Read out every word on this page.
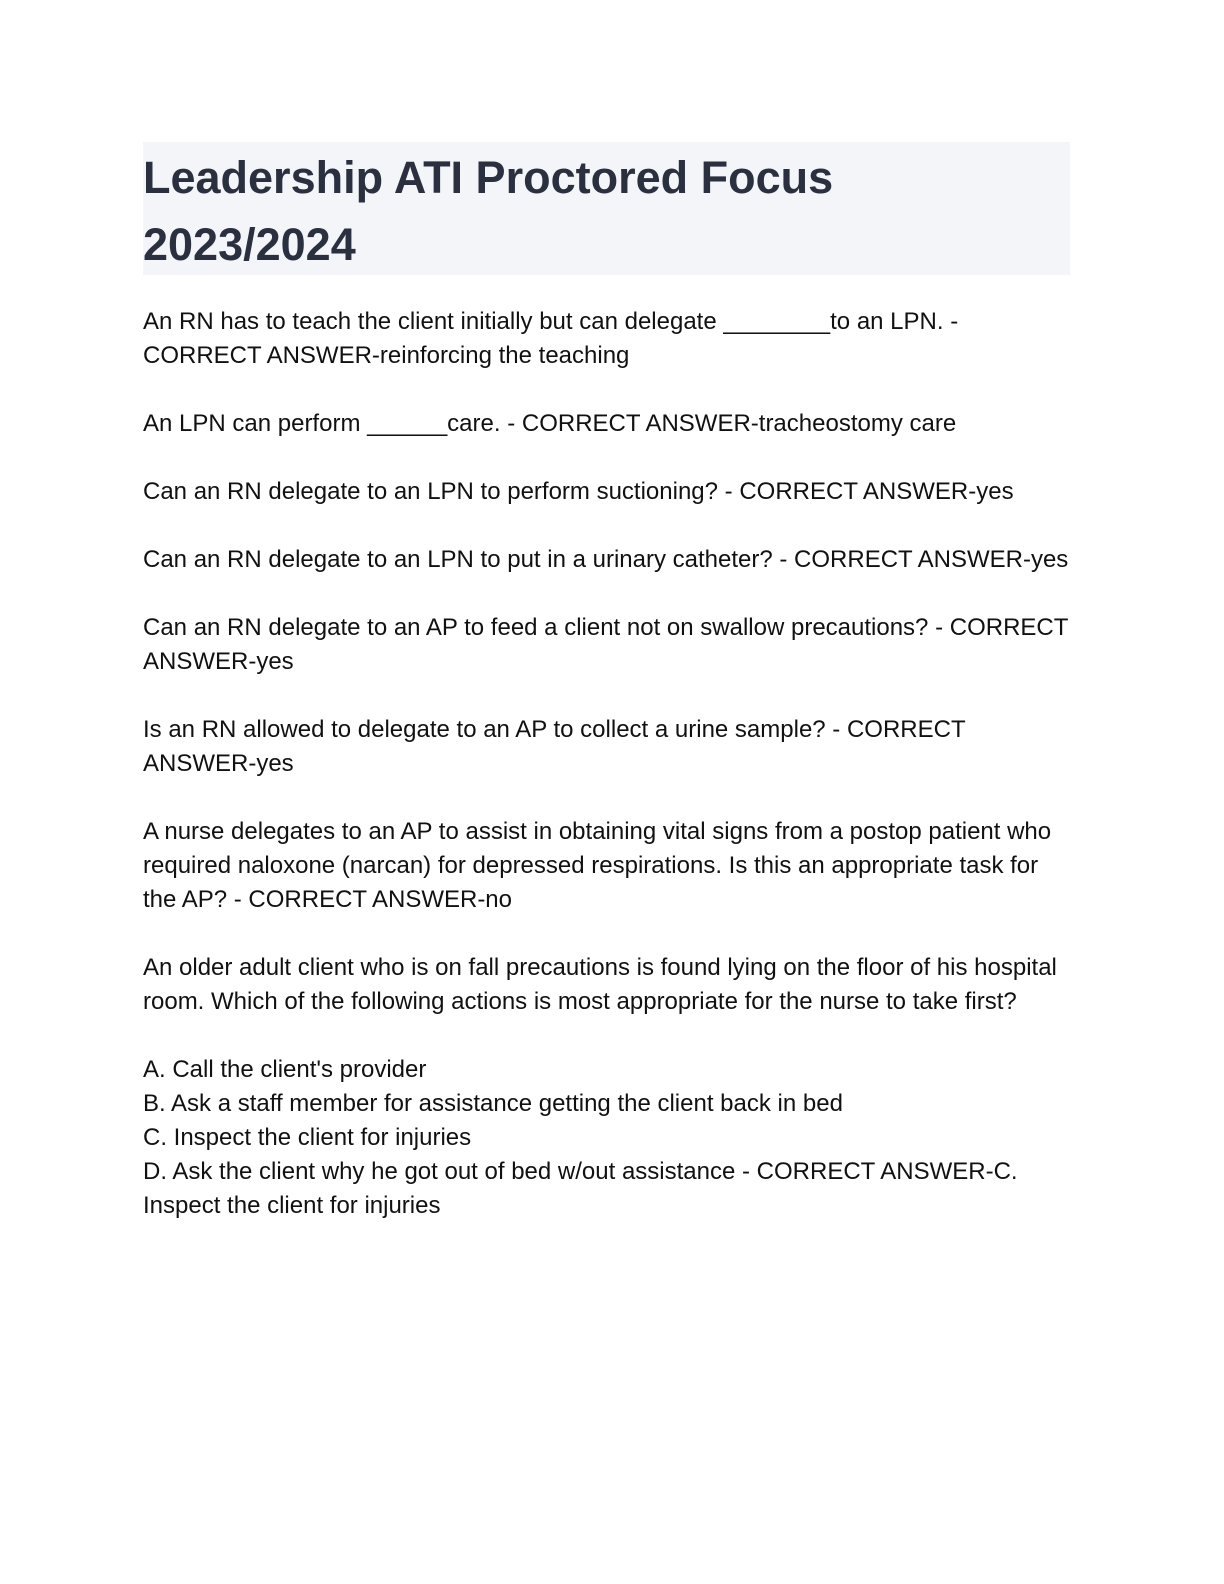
Leadership ATI Proctored Focus
2023/2024

An RN has to teach the client initially but can delegate ________to an LPN. - CORRECT ANSWER-reinforcing the teaching

An LPN can perform ______care. - CORRECT ANSWER-tracheostomy care

Can an RN delegate to an LPN to perform suctioning? - CORRECT ANSWER-yes

Can an RN delegate to an LPN to put in a urinary catheter? - CORRECT ANSWER-yes

Can an RN delegate to an AP to feed a client not on swallow precautions? - CORRECT ANSWER-yes

Is an RN allowed to delegate to an AP to collect a urine sample? - CORRECT ANSWER-yes

A nurse delegates to an AP to assist in obtaining vital signs from a postop patient who required naloxone (narcan) for depressed respirations. Is this an appropriate task for the AP? - CORRECT ANSWER-no

An older adult client who is on fall precautions is found lying on the floor of his hospital room. Which of the following actions is most appropriate for the nurse to take first?

A. Call the client's provider
B. Ask a staff member for assistance getting the client back in bed
C. Inspect the client for injuries
D. Ask the client why he got out of bed w/out assistance - CORRECT ANSWER-C. Inspect the client for injuries
